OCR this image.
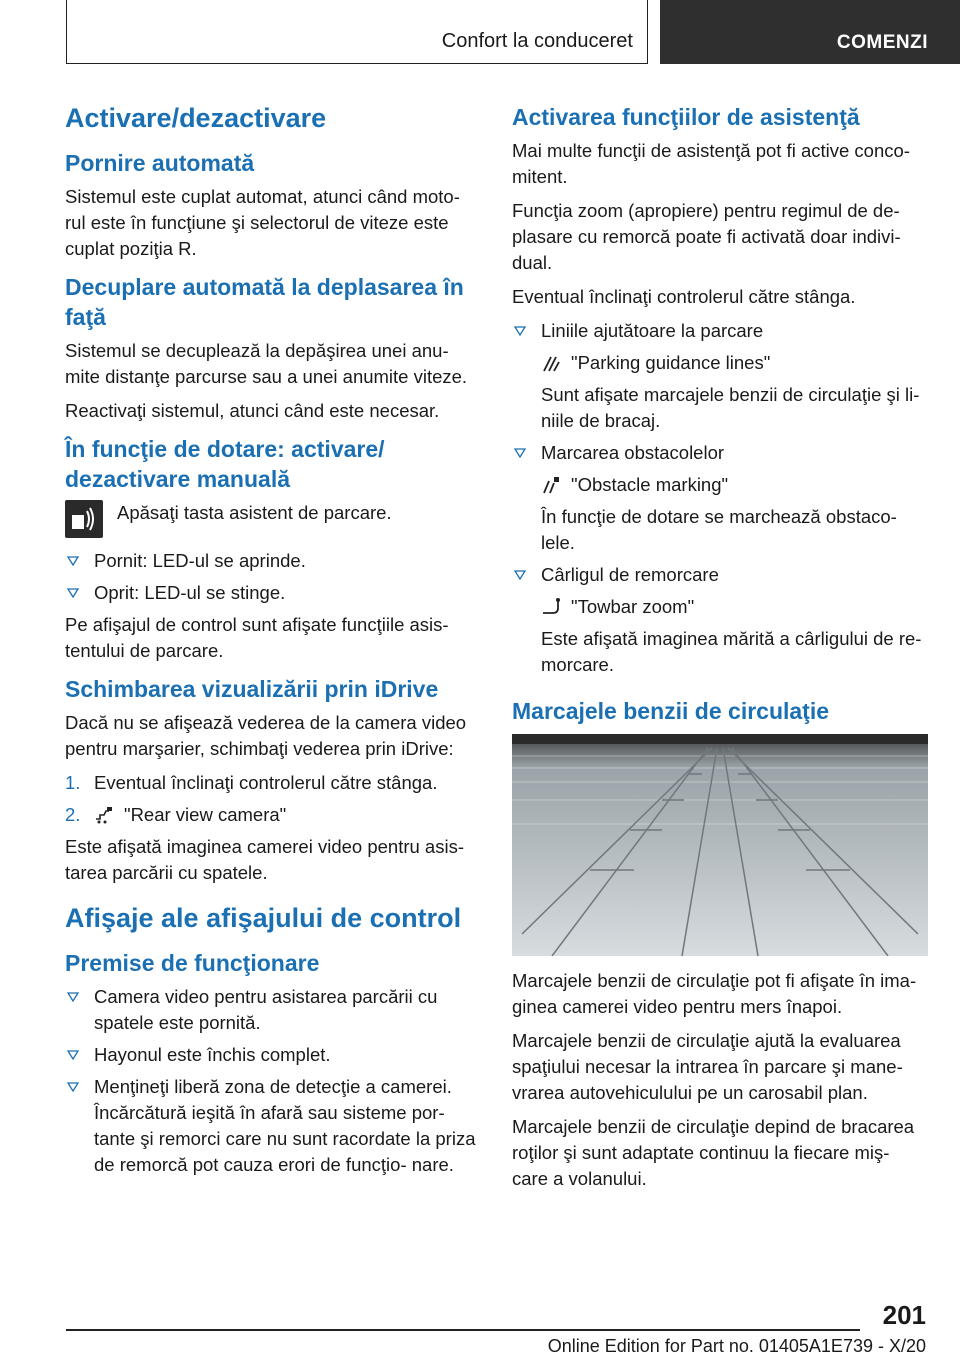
Confort la conduceret	COMENZI
Activare/dezactivare
Pornire automată

Sistemul este cuplat automat, atunci când moto- rul este în funcţiune şi selectorul de viteze este cuplat poziţia R.

Decuplare automată la deplasarea în faţă

Sistemul se decuplează la depăşirea unei anu- mite distanţe parcurse sau a unei anumite viteze.

Reactivaţi sistemul, atunci când este necesar.

În funcţie de dotare: activare/ dezactivare manuală
Apăsaţi tasta asistent de parcare.
Pornit: LED-ul se aprinde.
Oprit: LED-ul se stinge.

Pe afişajul de control sunt afişate funcţiile asis- tentului de parcare.

Schimbarea vizualizării prin iDrive

Dacă nu se afişează vederea de la camera video pentru marşarier, schimbaţi vederea prin iDrive:

1. Eventual înclinaţi controlerul către stânga.
2. "Rear view camera"

Este afişată imaginea camerei video pentru asis- tarea parcării cu spatele.

Afişaje ale afişajului de control
Premise de funcţionare
Camera video pentru asistarea parcării cu spatele este pornită.
Hayonul este închis complet.
Menţineţi liberă zona de detecţie a camerei. Încărcătură ieşită în afară sau sisteme por- tante şi remorci care nu sunt racordate la priza de remorcă pot cauza erori de funcţio- nare.
Activarea funcţiilor de asistenţă

Mai multe funcţii de asistenţă pot fi active conco- mitent.

Funcţia zoom (apropiere) pentru regimul de de- plasare cu remorcă poate fi activată doar indivi- dual.

Eventual înclinaţi controlerul către stânga.

Liniile ajutătoare la parcare
"Parking guidance lines"
Sunt afişate marcajele benzii de circulaţie şi li- niile de bracaj.
Marcarea obstacolelor
"Obstacle marking"
În funcţie de dotare se marchează obstaco- lele.
Cârligul de remorcare
"Towbar zoom"
Este afişată imaginea mărită a cârligului de re- morcare.
Marcajele benzii de circulaţie

Marcajele benzii de circulaţie pot fi afişate în ima- ginea camerei video pentru mers înapoi.

Marcajele benzii de circulaţie ajută la evaluarea spaţiului necesar la intrarea în parcare şi mane- vrarea autovehiculului pe un carosabil plan.

Marcajele benzii de circulaţie depind de bracarea roţilor şi sunt adaptate continuu la fiecare miş- care a volanului.

201
Online Edition for Part no. 01405A1E739 - X/20
